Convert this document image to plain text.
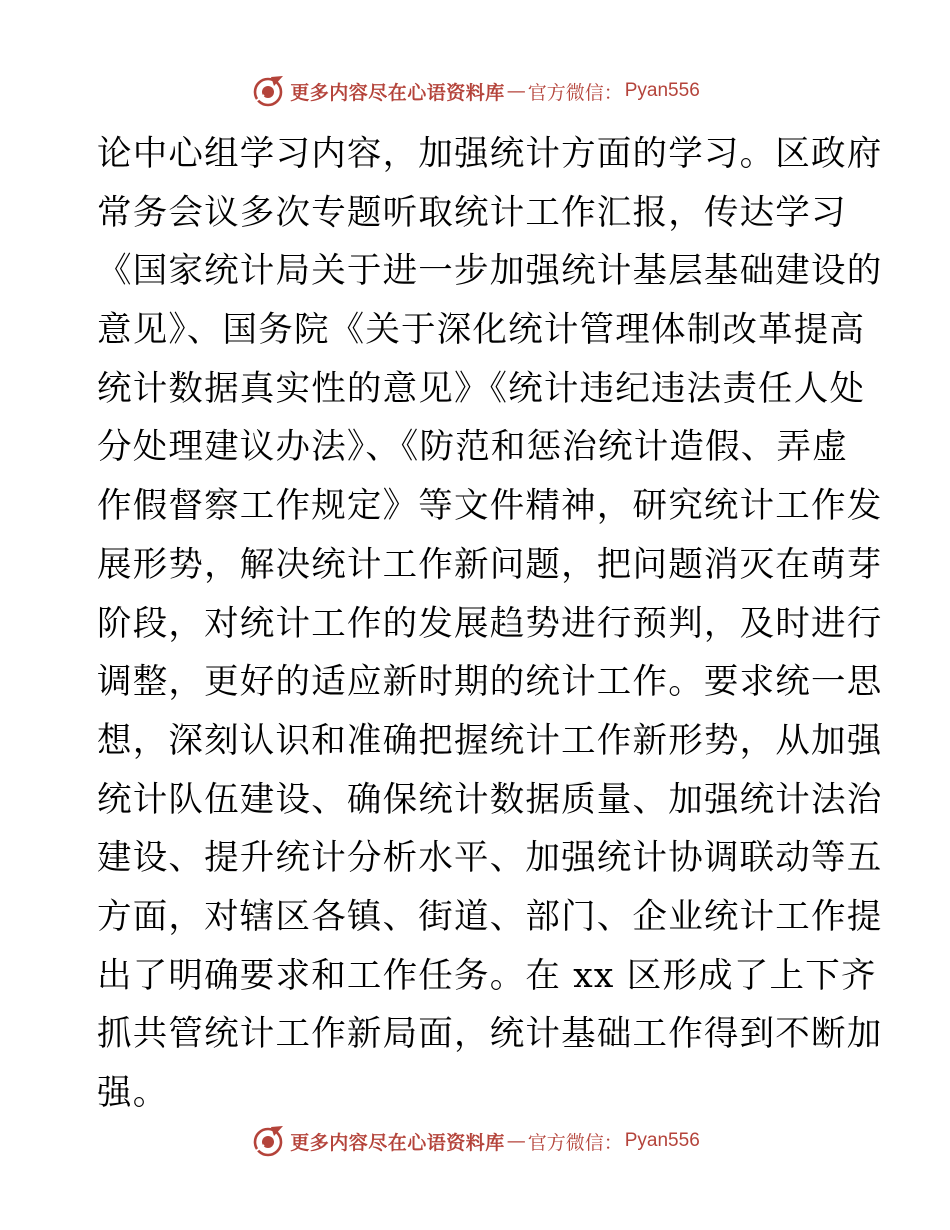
更多内容尽在心语资料库 — 官方微信： Pyan556
论中心组学习内容，加强统计方面的学习。区政府
常务会议多次专题听取统计工作汇报，传达学习
《国家统计局关于进一步加强统计基层基础建设的
意见》、国务院《关于深化统计管理体制改革提高
统计数据真实性的意见》《统计违纪违法责任人处
分处理建议办法》、《防范和惩治统计造假、弄虚
作假督察工作规定》等文件精神，研究统计工作发
展形势，解决统计工作新问题，把问题消灭在萌芽
阶段，对统计工作的发展趋势进行预判，及时进行
调整，更好的适应新时期的统计工作。要求统一思
想，深刻认识和准确把握统计工作新形势，从加强
统计队伍建设、确保统计数据质量、加强统计法治
建设、提升统计分析水平、加强统计协调联动等五
方面，对辖区各镇、街道、部门、企业统计工作提
出了明确要求和工作任务。在 xx 区形成了上下齐
抓共管统计工作新局面，统计基础工作得到不断加
强。
更多内容尽在心语资料库 — 官方微信： Pyan556
